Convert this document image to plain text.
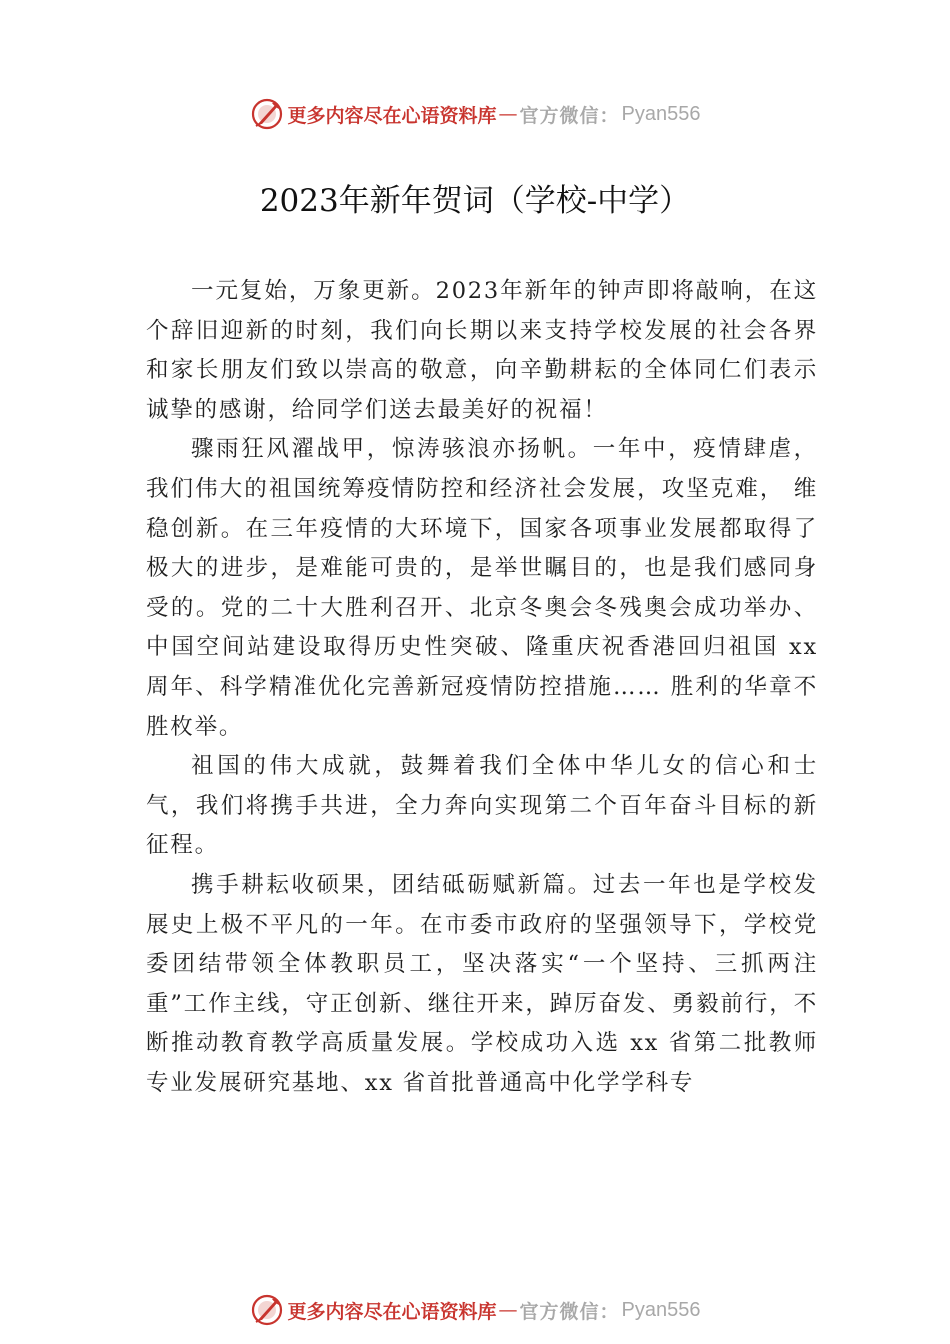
更多内容尽在心语资料库 — 官方微信： Pyan556
2023年新年贺词（学校-中学）

一元复始，万象更新。2023年新年的钟声即将敲响，在这个辞旧迎新的时刻，我们向长期以来支持学校发展的社会各界和家长朋友们致以崇高的敬意，向辛勤耕耘的全体同仁们表示诚挚的感谢，给同学们送去最美好的祝福！

骤雨狂风濯战甲，惊涛骇浪亦扬帆。一年中，疫情肆虐，我们伟大的祖国统筹疫情防控和经济社会发展，攻坚克难， 维稳创新。在三年疫情的大环境下，国家各项事业发展都取得了极大的进步，是难能可贵的，是举世瞩目的，也是我们感同身受的。党的二十大胜利召开、北京冬奥会冬残奥会成功举办、中国空间站建设取得历史性突破、隆重庆祝香港回归祖国 xx 周年、科学精准优化完善新冠疫情防控措施…… 胜利的华章不胜枚举。

祖国的伟大成就，鼓舞着我们全体中华儿女的信心和士气，我们将携手共进，全力奔向实现第二个百年奋斗目标的新征程。

携手耕耘收硕果，团结砥砺赋新篇。过去一年也是学校发展史上极不平凡的一年。在市委市政府的坚强领导下，学校党委团结带领全体教职员工，坚决落实“一个坚持、三抓两注重”工作主线，守正创新、继往开来，踔厉奋发、勇毅前行，不断推动教育教学高质量发展。学校成功入选 xx 省第二批教师专业发展研究基地、xx 省首批普通高中化学学科专

更多内容尽在心语资料库 — 官方微信： Pyan556
